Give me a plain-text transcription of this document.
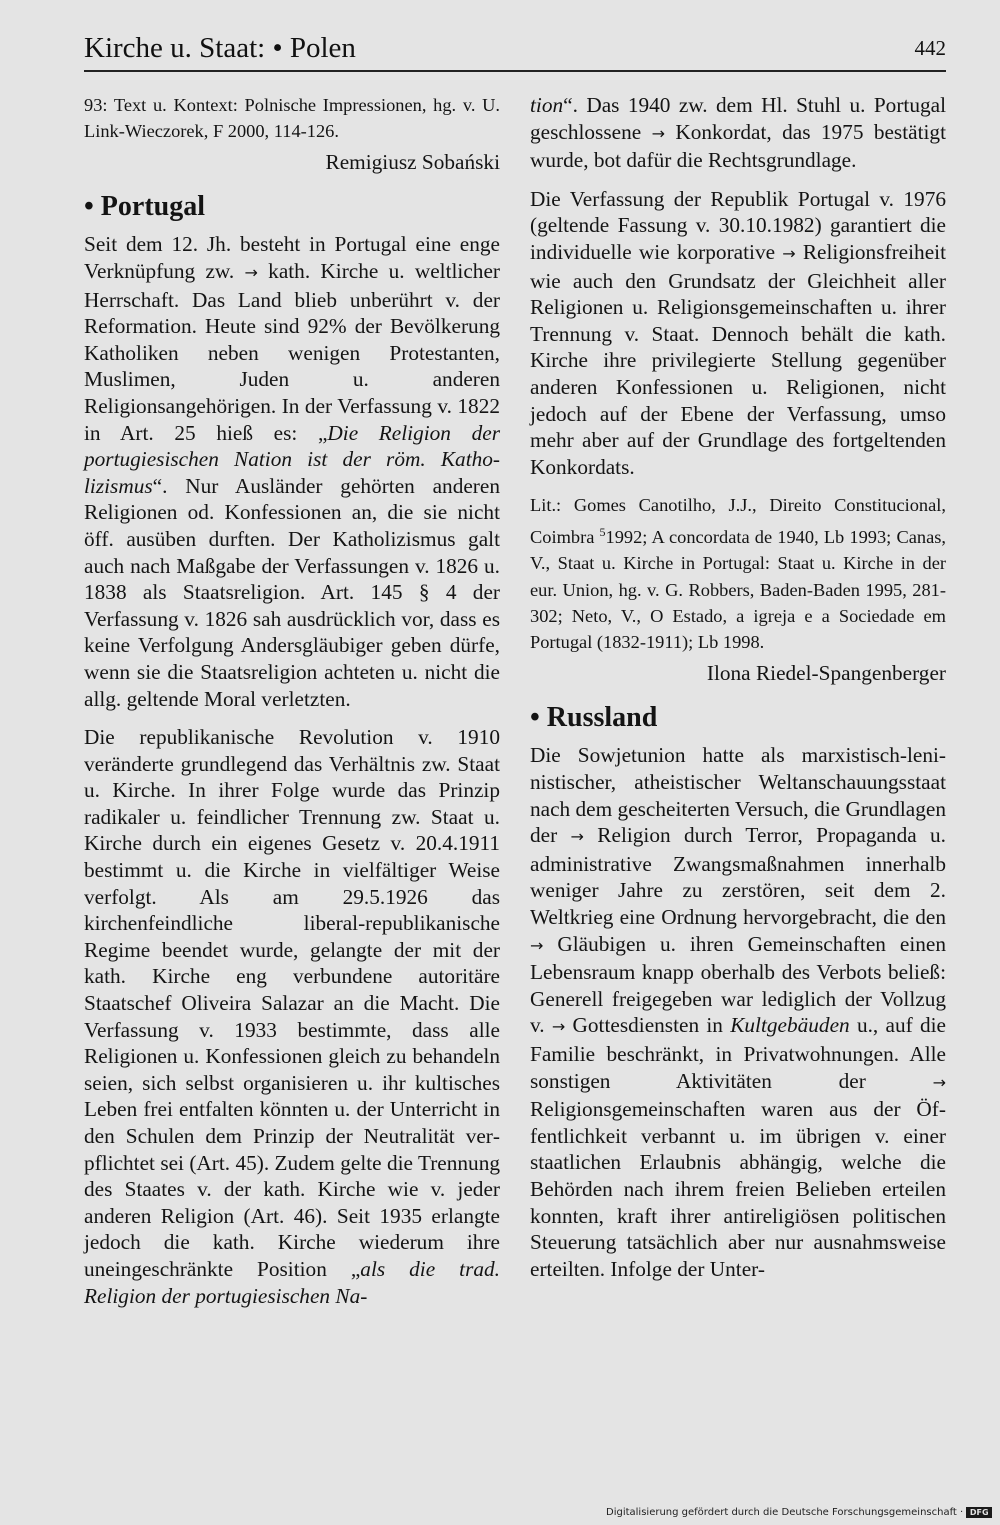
Kirche u. Staat: • Polen	442

93: Text u. Kontext: Polnische Impressionen, hg. v. U. Link-Wieczorek, F 2000, 114-126.

Remigiusz Sobański

• Portugal

Seit dem 12. Jh. besteht in Portugal eine enge Verknüpfung zw. → kath. Kirche u. weltlicher Herrschaft. Das Land blieb unberührt v. der Reformation. Heute sind 92% der Bevölkerung Katholiken neben wenigen Protestanten, Muslimen, Juden u. anderen Religionsangehörigen. In der Verfassung v. 1822 in Art. 25 hieß es: „Die Religion der portugiesischen Nation ist der röm. Katholizismus“. Nur Ausländer gehörten anderen Religionen od. Konfessionen an, die sie nicht öff. ausüben durften. Der Katholizismus galt auch nach Maßgabe der Verfassungen v. 1826 u. 1838 als Staatsreligion. Art. 145 § 4 der Verfassung v. 1826 sah ausdrücklich vor, dass es keine Verfolgung Andersgläubiger geben dürfe, wenn sie die Staatsreligion achteten u. nicht die allg. geltende Moral verletzten.

Die republikanische Revolution v. 1910 veränderte grundlegend das Verhältnis zw. Staat u. Kirche. In ihrer Folge wurde das Prinzip radikaler u. feindlicher Trennung zw. Staat u. Kirche durch ein eigenes Gesetz v. 20.4.1911 bestimmt u. die Kirche in vielfältiger Weise verfolgt. Als am 29.5.1926 das kirchenfeindliche liberal-republikanische Regime beendet wurde, gelangte der mit der kath. Kirche eng verbundene autoritäre Staatschef Oliveira Salazar an die Macht. Die Verfassung v. 1933 bestimmte, dass alle Religionen u. Konfessionen gleich zu behandeln seien, sich selbst organisieren u. ihr kultisches Leben frei entfalten könnten u. der Unterricht in den Schulen dem Prinzip der Neutralität verpflichtet sei (Art. 45). Zudem gelte die Trennung des Staates v. der kath. Kirche wie v. jeder anderen Religion (Art. 46). Seit 1935 erlangte jedoch die kath. Kirche wiederum ihre uneingeschränkte Position „als die trad. Religion der portugiesischen Na-

tion“. Das 1940 zw. dem Hl. Stuhl u. Portugal geschlossene → Konkordat, das 1975 bestätigt wurde, bot dafür die Rechtsgrundlage.

Die Verfassung der Republik Portugal v. 1976 (geltende Fassung v. 30.10.1982) garantiert die individuelle wie korporative → Religionsfreiheit wie auch den Grundsatz der Gleichheit aller Religionen u. Religionsgemeinschaften u. ihrer Trennung v. Staat. Dennoch behält die kath. Kirche ihre privilegierte Stellung gegenüber anderen Konfessionen u. Religionen, nicht jedoch auf der Ebene der Verfassung, umso mehr aber auf der Grundlage des fortgeltenden Konkordats.

Lit.: Gomes Canotilho, J.J., Direito Constitucional, Coimbra $^5$1992; A concordata de 1940, Lb 1993; Canas, V., Staat u. Kirche in Portugal: Staat u. Kirche in der eur. Union, hg. v. G. Robbers, Baden-Baden 1995, 281-302; Neto, V., O Estado, a igreja e a Sociedade em Portugal (1832-1911); Lb 1998.

Ilona Riedel-Spangenberger

• Russland

Die Sowjetunion hatte als marxistisch-leninistischer, atheistischer Weltanschauungsstaat nach dem gescheiterten Versuch, die Grundlagen der → Religion durch Terror, Propaganda u. administrative Zwangsmaßnahmen innerhalb weniger Jahre zu zerstören, seit dem 2. Weltkrieg eine Ordnung hervorgebracht, die den → Gläubigen u. ihren Gemeinschaften einen Lebensraum knapp oberhalb des Verbots beließ: Generell freigegeben war lediglich der Vollzug v. → Gottesdiensten in Kultgebäuden u., auf die Familie beschränkt, in Privatwohnungen. Alle sonstigen Aktivitäten der → Religionsgemeinschaften waren aus der Öffentlichkeit verbannt u. im übrigen v. einer staatlichen Erlaubnis abhängig, welche die Behörden nach ihrem freien Belieben erteilen konnten, kraft ihrer antireligiösen politischen Steuerung tatsächlich aber nur ausnahmsweise erteilten. Infolge der Unter-

Digitalisierung gefördert durch die Deutsche Forschungsgemeinschaft · DFG
